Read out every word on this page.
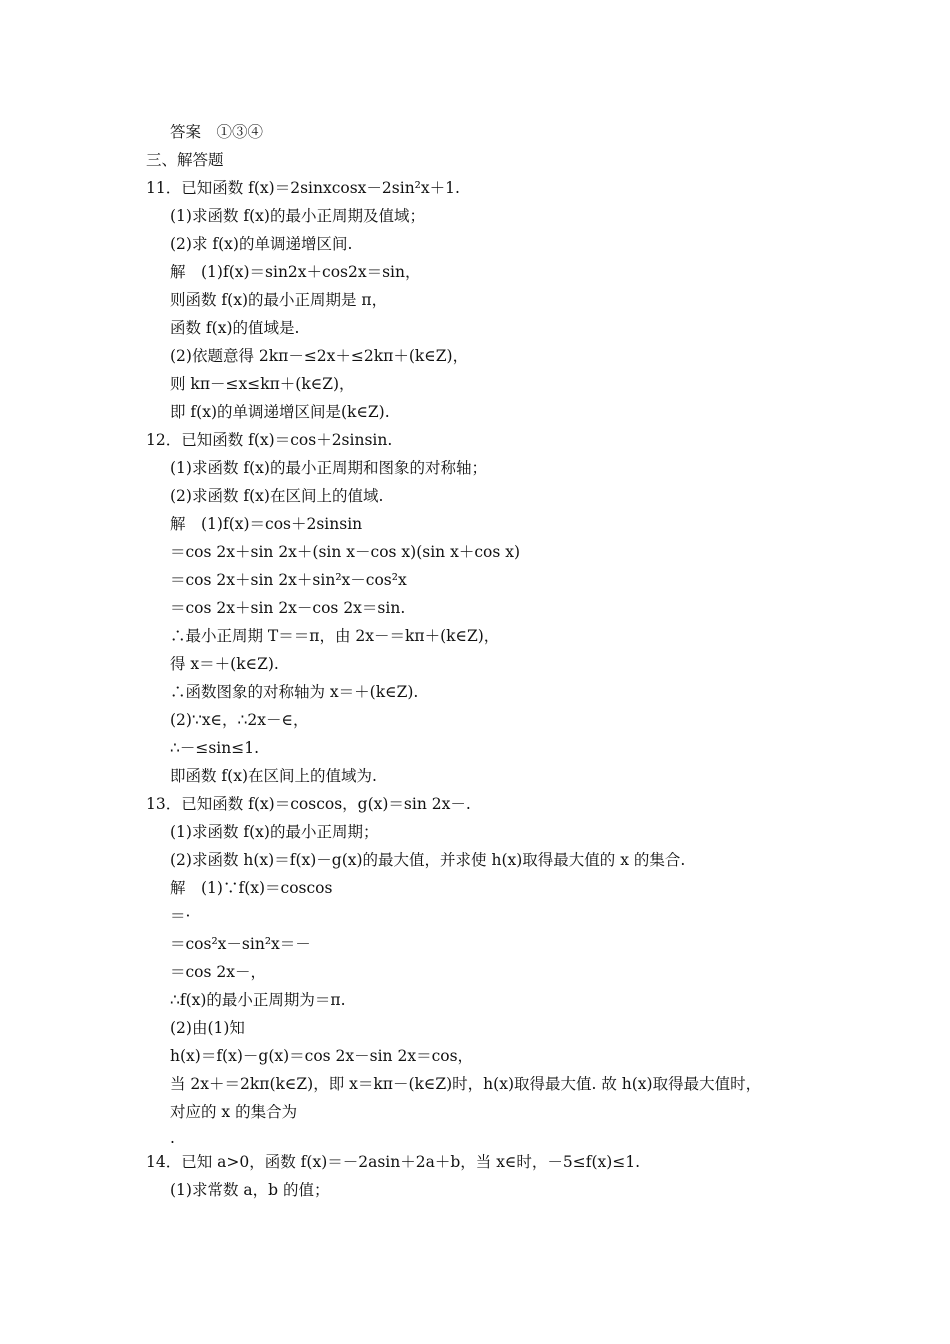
答案　①③④
三、解答题
11．已知函数 f(x)＝2sinxcosx－2sin²x＋1.
(1)求函数 f(x)的最小正周期及值域；
(2)求 f(x)的单调递增区间.
解　(1)f(x)＝sin2x＋cos2x＝sin，
则函数 f(x)的最小正周期是 π，
函数 f(x)的值域是.
(2)依题意得 2kπ－≤2x＋≤2kπ＋(k∈Z)，
则 kπ－≤x≤kπ＋(k∈Z)，
即 f(x)的单调递增区间是(k∈Z).
12．已知函数 f(x)＝cos＋2sinsin.
(1)求函数 f(x)的最小正周期和图象的对称轴；
(2)求函数 f(x)在区间上的值域.
解　(1)f(x)＝cos＋2sinsin
＝cos 2x＋sin 2x＋(sin x－cos x)(sin x＋cos x)
＝cos 2x＋sin 2x＋sin²x－cos²x
＝cos 2x＋sin 2x－cos 2x＝sin.
∴最小正周期 T＝＝π，由 2x－＝kπ＋(k∈Z)，
得 x＝＋(k∈Z).
∴函数图象的对称轴为 x＝＋(k∈Z).
(2)∵x∈，∴2x－∈，
∴－≤sin≤1.
即函数 f(x)在区间上的值域为.
13．已知函数 f(x)＝coscos，g(x)＝sin 2x－.
(1)求函数 f(x)的最小正周期；
(2)求函数 h(x)＝f(x)－g(x)的最大值，并求使 h(x)取得最大值的 x 的集合.
解　(1)∵f(x)＝coscos
＝·
＝cos²x－sin²x＝－
＝cos 2x－，
∴f(x)的最小正周期为＝π.
(2)由(1)知
h(x)＝f(x)－g(x)＝cos 2x－sin 2x＝cos，
当 2x＋＝2kπ(k∈Z)，即 x＝kπ－(k∈Z)时，h(x)取得最大值. 故 h(x)取得最大值时，
对应的 x 的集合为
.
14．已知 a>0，函数 f(x)＝－2asin＋2a＋b，当 x∈时，－5≤f(x)≤1.
(1)求常数 a，b 的值；
